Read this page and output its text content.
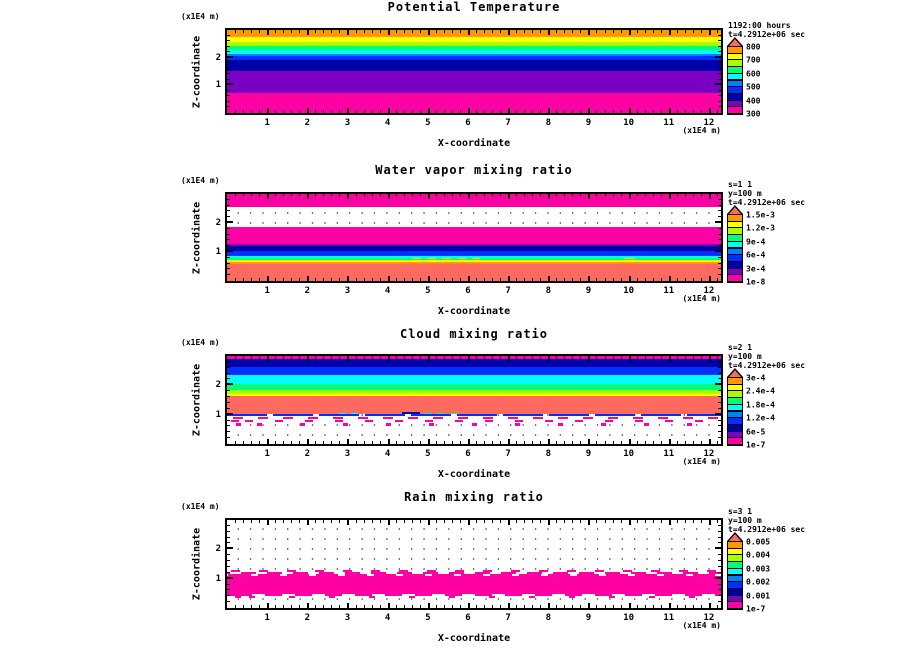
Potential Temperature
(x1E4 m)
Z-coordinate
(x1E4 m)
X-coordinate
800
700
600
500
400
300
1192:00 hours
t=4.2912e+06 sec
1	2	3	4	5	6	7	8	9	10	11	12
1
2
Water vapor mixing ratio
(x1E4 m)
Z-coordinate
(x1E4 m)
X-coordinate
1.5e-3
1.2e-3
9e-4
6e-4
3e-4
1e-8
s=1 1
y=100 m
t=4.2912e+06 sec
1	2	3	4	5	6	7	8	9	10	11	12
1
2
Cloud mixing ratio
(x1E4 m)
Z-coordinate
(x1E4 m)
X-coordinate
3e-4
2.4e-4
1.8e-4
1.2e-4
6e-5
1e-7
s=2 1
y=100 m
t=4.2912e+06 sec
1	2	3	4	5	6	7	8	9	10	11	12
1
2
Rain mixing ratio
(x1E4 m)
Z-coordinate
(x1E4 m)
X-coordinate
0.005
0.004
0.003
0.002
0.001
1e-7
s=3 1
y=100 m
t=4.2912e+06 sec
1	2	3	4	5	6	7	8	9	10	11	12
1
2
